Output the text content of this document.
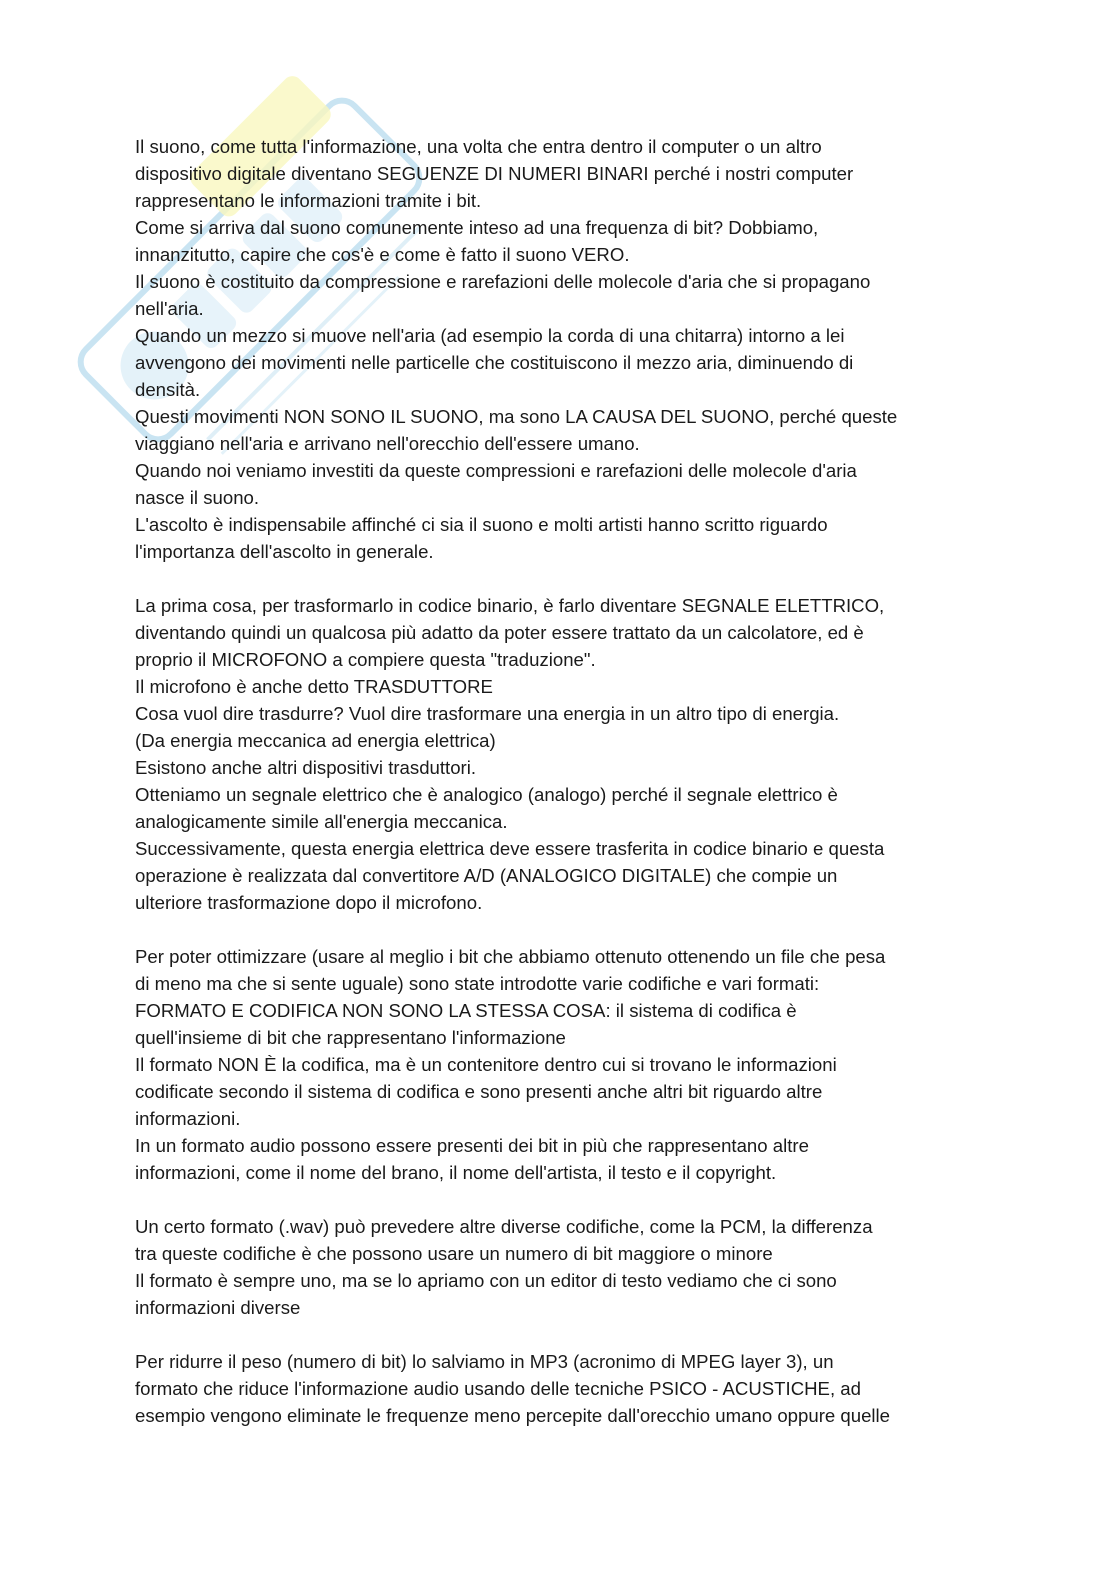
Il suono, come tutta l'informazione, una volta che entra dentro il computer o un altro
dispositivo digitale diventano SEGUENZE DI NUMERI BINARI perché i nostri computer
rappresentano le informazioni tramite i bit.
Come si arriva dal suono comunemente inteso ad una frequenza di bit? Dobbiamo,
innanzitutto, capire che cos'è e come è fatto il suono VERO.
Il suono è costituito da compressione e rarefazioni delle molecole d'aria che si propagano
nell'aria.
Quando un mezzo si muove nell'aria (ad esempio la corda di una chitarra) intorno a lei
avvengono dei movimenti nelle particelle che costituiscono il mezzo aria, diminuendo di
densità.
Questi movimenti NON SONO IL SUONO, ma sono LA CAUSA DEL SUONO, perché queste
viaggiano nell'aria e arrivano nell'orecchio dell'essere umano.
Quando noi veniamo investiti da queste compressioni e rarefazioni delle molecole d'aria
nasce il suono.
L'ascolto è indispensabile affinché ci sia il suono e molti artisti hanno scritto riguardo
l'importanza dell'ascolto in generale.
La prima cosa, per trasformarlo in codice binario, è farlo diventare SEGNALE ELETTRICO,
diventando quindi un qualcosa più adatto da poter essere trattato da un calcolatore, ed è
proprio il MICROFONO a compiere questa "traduzione".
Il microfono è anche detto TRASDUTTORE
Cosa vuol dire trasdurre? Vuol dire trasformare una energia in un altro tipo di energia.
(Da energia meccanica ad energia elettrica)
Esistono anche altri dispositivi trasduttori.
Otteniamo un segnale elettrico che è analogico (analogo) perché il segnale elettrico è
analogicamente simile all'energia meccanica.
Successivamente, questa energia elettrica deve essere trasferita in codice binario e questa
operazione è realizzata dal convertitore A/D (ANALOGICO DIGITALE) che compie un
ulteriore trasformazione dopo il microfono.
Per poter ottimizzare (usare al meglio i bit che abbiamo ottenuto ottenendo un file che pesa
di meno ma che si sente uguale) sono state introdotte varie codifiche e vari formati:
FORMATO E CODIFICA NON SONO LA STESSA COSA: il sistema di codifica è
quell'insieme di bit che rappresentano l'informazione
Il formato NON È la codifica, ma è un contenitore dentro cui si trovano le informazioni
codificate secondo il sistema di codifica e sono presenti anche altri bit riguardo altre
informazioni.
In un formato audio possono essere presenti dei bit in più che rappresentano altre
informazioni, come il nome del brano, il nome dell'artista, il testo e il copyright.
Un certo formato (.wav) può prevedere altre diverse codifiche, come la PCM, la differenza
tra queste codifiche è che possono usare un numero di bit maggiore o minore
Il formato è sempre uno, ma se lo apriamo con un editor di testo vediamo che ci sono
informazioni diverse
Per ridurre il peso (numero di bit) lo salviamo in MP3 (acronimo di MPEG layer 3), un
formato che riduce l'informazione audio usando delle tecniche PSICO - ACUSTICHE, ad
esempio vengono eliminate le frequenze meno percepite dall'orecchio umano oppure quelle
